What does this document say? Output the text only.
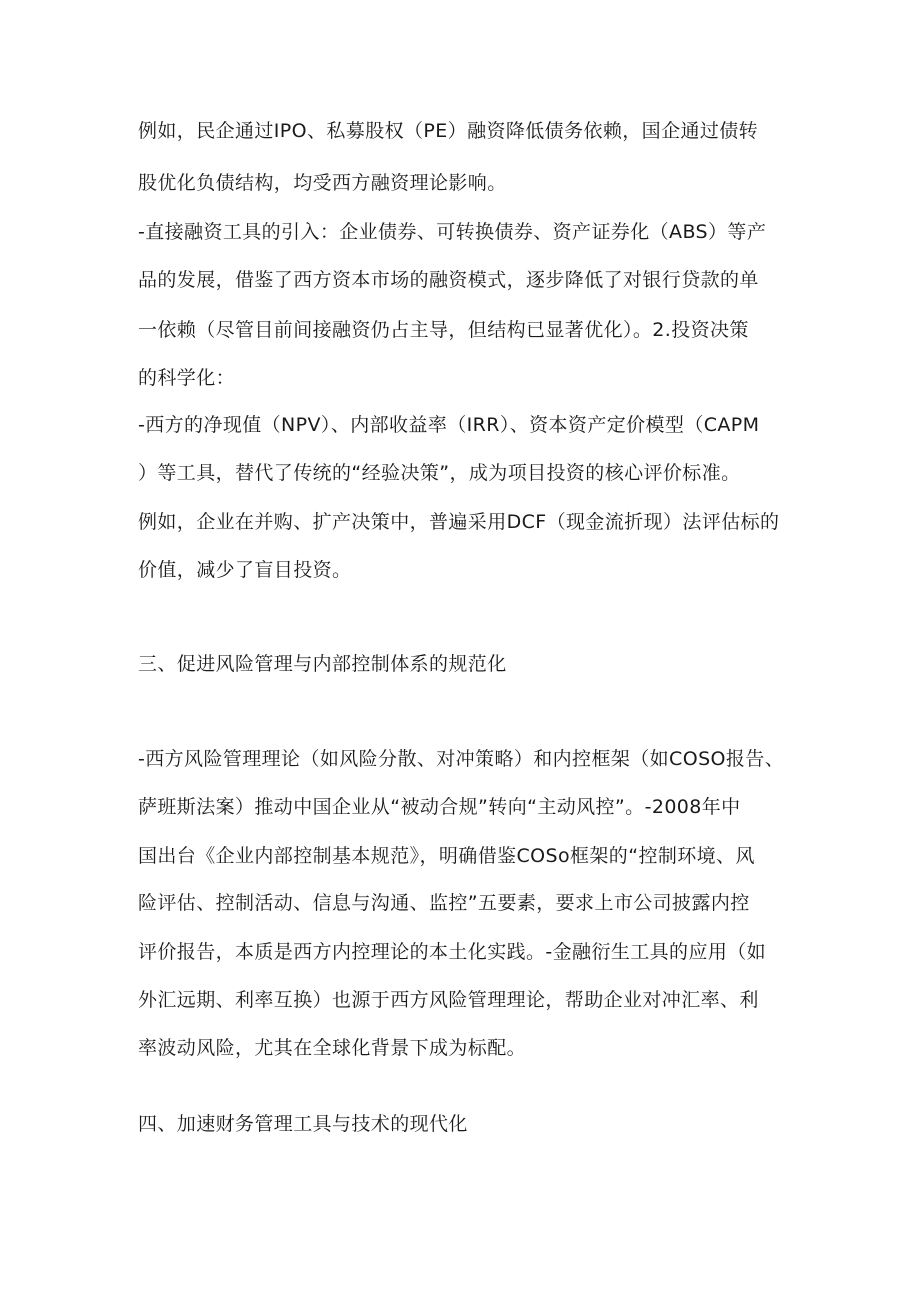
例如，民企通过IPO、私募股权（PE）融资降低债务依赖，国企通过债转
股优化负债结构，均受西方融资理论影响。
-直接融资工具的引入：企业债券、可转换债券、资产证券化（ABS）等产
品的发展，借鉴了西方资本市场的融资模式，逐步降低了对银行贷款的单
一依赖（尽管目前间接融资仍占主导，但结构已显著优化）。2.投资决策
的科学化：
-西方的净现值（NPV）、内部收益率（IRR）、资本资产定价模型（CAPM
）等工具，替代了传统的“经验决策”，成为项目投资的核心评价标准。
例如，企业在并购、扩产决策中，普遍采用DCF（现金流折现）法评估标的
价值，减少了盲目投资。
三、促进风险管理与内部控制体系的规范化
-西方风险管理理论（如风险分散、对冲策略）和内控框架（如COSO报告、
萨班斯法案）推动中国企业从“被动合规”转向“主动风控”。-2008年中
国出台《企业内部控制基本规范》，明确借鉴COSo框架的“控制环境、风
险评估、控制活动、信息与沟通、监控”五要素，要求上市公司披露内控
评价报告，本质是西方内控理论的本土化实践。-金融衍生工具的应用（如
外汇远期、利率互换）也源于西方风险管理理论，帮助企业对冲汇率、利
率波动风险，尤其在全球化背景下成为标配。
四、加速财务管理工具与技术的现代化
